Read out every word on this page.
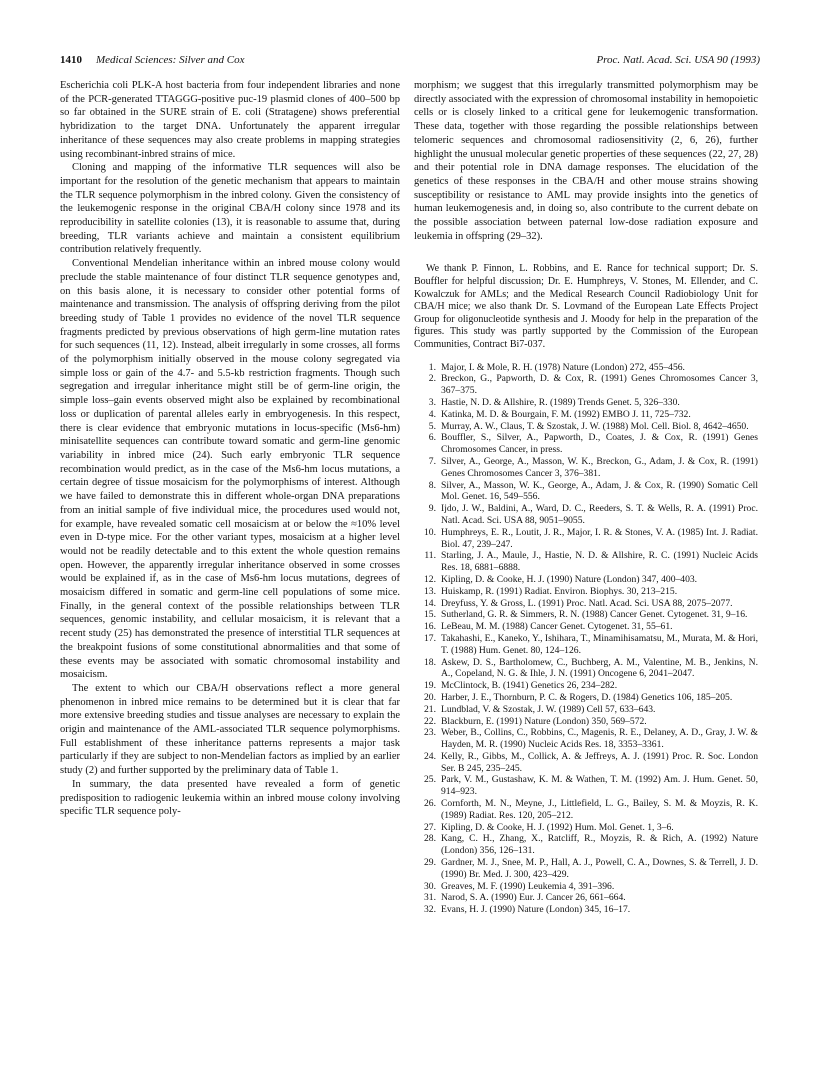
1410 Medical Sciences: Silver and Cox	Proc. Natl. Acad. Sci. USA 90 (1993)

Escherichia coli PLK-A host bacteria from four independent libraries and none of the PCR-generated TTAGGG-positive puc-19 plasmid clones of 400–500 bp so far obtained in the SURE strain of E. coli (Stratagene) shows preferential hybridization to the target DNA. Unfortunately the apparent irregular inheritance of these sequences may also create problems in mapping strategies using recombinant-inbred strains of mice.

Cloning and mapping of the informative TLR sequences will also be important for the resolution of the genetic mechanism that appears to maintain the TLR sequence polymorphism in the inbred colony. Given the consistency of the leukemogenic response in the original CBA/H colony since 1978 and its reproducibility in satellite colonies (13), it is reasonable to assume that, during breeding, TLR variants achieve and maintain a consistent equilibrium contribution relatively frequently.

Conventional Mendelian inheritance within an inbred mouse colony would preclude the stable maintenance of four distinct TLR sequence genotypes and, on this basis alone, it is necessary to consider other potential forms of maintenance and transmission. The analysis of offspring deriving from the pilot breeding study of Table 1 provides no evidence of the novel TLR sequence fragments predicted by previous observations of high germ-line mutation rates for such sequences (11, 12). Instead, albeit irregularly in some crosses, all forms of the polymorphism initially observed in the mouse colony segregated via simple loss or gain of the 4.7- and 5.5-kb restriction fragments. Though such segregation and irregular inheritance might still be of germ-line origin, the simple loss–gain events observed might also be explained by recombinational loss or duplication of parental alleles early in embryogenesis. In this respect, there is clear evidence that embryonic mutations in locus-specific (Ms6-hm) minisatellite sequences can contribute toward somatic and germ-line genomic variability in inbred mice (24). Such early embryonic TLR sequence recombination would predict, as in the case of the Ms6-hm locus mutations, a certain degree of tissue mosaicism for the polymorphisms of interest. Although we have failed to demonstrate this in different whole-organ DNA preparations from an initial sample of five individual mice, the procedures used would not, for example, have revealed somatic cell mosaicism at or below the ≈10% level even in D-type mice. For the other variant types, mosaicism at a higher level would not be readily detectable and to this extent the whole question remains open. However, the apparently irregular inheritance observed in some crosses would be explained if, as in the case of Ms6-hm locus mutations, degrees of mosaicism differed in somatic and germ-line cell populations of some mice. Finally, in the general context of the possible relationships between TLR sequences, genomic instability, and cellular mosaicism, it is relevant that a recent study (25) has demonstrated the presence of interstitial TLR sequences at the breakpoint fusions of some constitutional abnormalities and that some of these events may be associated with somatic chromosomal instability and mosaicism.

The extent to which our CBA/H observations reflect a more general phenomenon in inbred mice remains to be determined but it is clear that far more extensive breeding studies and tissue analyses are necessary to explain the origin and maintenance of the AML-associated TLR sequence polymorphisms. Full establishment of these inheritance patterns represents a major task particularly if they are subject to non-Mendelian factors as implied by an earlier study (2) and further supported by the preliminary data of Table 1.

In summary, the data presented have revealed a form of genetic predisposition to radiogenic leukemia within an inbred mouse colony involving specific TLR sequence poly-

morphism; we suggest that this irregularly transmitted polymorphism may be directly associated with the expression of chromosomal instability in hemopoietic cells or is closely linked to a critical gene for leukemogenic transformation. These data, together with those regarding the possible relationships between telomeric sequences and chromosomal radiosensitivity (2, 6, 26), further highlight the unusual molecular genetic properties of these sequences (22, 27, 28) and their potential role in DNA damage responses. The elucidation of the genetics of these responses in the CBA/H and other mouse strains showing susceptibility or resistance to AML may provide insights into the genetics of human leukemogenesis and, in doing so, also contribute to the current debate on the possible association between paternal low-dose radiation exposure and leukemia in offspring (29–32).

We thank P. Finnon, L. Robbins, and E. Rance for technical support; Dr. S. Bouffler for helpful discussion; Dr. E. Humphreys, V. Stones, M. Ellender, and C. Kowalczuk for AMLs; and the Medical Research Council Radiobiology Unit for CBA/H mice; we also thank Dr. S. Lovmand of the European Late Effects Project Group for oligonucleotide synthesis and J. Moody for help in the preparation of the figures. This study was partly supported by the Commission of the European Communities, Contract Bi7-037.

1. Major, I. & Mole, R. H. (1978) Nature (London) 272, 455–456.
2. Breckon, G., Papworth, D. & Cox, R. (1991) Genes Chromosomes Cancer 3, 367–375.
3. Hastie, N. D. & Allshire, R. (1989) Trends Genet. 5, 326–330.
4. Katinka, M. D. & Bourgain, F. M. (1992) EMBO J. 11, 725–732.
5. Murray, A. W., Claus, T. & Szostak, J. W. (1988) Mol. Cell. Biol. 8, 4642–4650.
6. Bouffler, S., Silver, A., Papworth, D., Coates, J. & Cox, R. (1991) Genes Chromosomes Cancer, in press.
7. Silver, A., George, A., Masson, W. K., Breckon, G., Adam, J. & Cox, R. (1991) Genes Chromosomes Cancer 3, 376–381.
8. Silver, A., Masson, W. K., George, A., Adam, J. & Cox, R. (1990) Somatic Cell Mol. Genet. 16, 549–556.
9. Ijdo, J. W., Baldini, A., Ward, D. C., Reeders, S. T. & Wells, R. A. (1991) Proc. Natl. Acad. Sci. USA 88, 9051–9055.
10. Humphreys, E. R., Loutit, J. R., Major, I. R. & Stones, V. A. (1985) Int. J. Radiat. Biol. 47, 239–247.
11. Starling, J. A., Maule, J., Hastie, N. D. & Allshire, R. C. (1991) Nucleic Acids Res. 18, 6881–6888.
12. Kipling, D. & Cooke, H. J. (1990) Nature (London) 347, 400–403.
13. Huiskamp, R. (1991) Radiat. Environ. Biophys. 30, 213–215.
14. Dreyfuss, Y. & Gross, L. (1991) Proc. Natl. Acad. Sci. USA 88, 2075–2077.
15. Sutherland, G. R. & Simmers, R. N. (1988) Cancer Genet. Cytogenet. 31, 9–16.
16. LeBeau, M. M. (1988) Cancer Genet. Cytogenet. 31, 55–61.
17. Takahashi, E., Kaneko, Y., Ishihara, T., Minamihisamatsu, M., Murata, M. & Hori, T. (1988) Hum. Genet. 80, 124–126.
18. Askew, D. S., Bartholomew, C., Buchberg, A. M., Valentine, M. B., Jenkins, N. A., Copeland, N. G. & Ihle, J. N. (1991) Oncogene 6, 2041–2047.
19. McClintock, B. (1941) Genetics 26, 234–282.
20. Harber, J. E., Thornburn, P. C. & Rogers, D. (1984) Genetics 106, 185–205.
21. Lundblad, V. & Szostak, J. W. (1989) Cell 57, 633–643.
22. Blackburn, E. (1991) Nature (London) 350, 569–572.
23. Weber, B., Collins, C., Robbins, C., Magenis, R. E., Delaney, A. D., Gray, J. W. & Hayden, M. R. (1990) Nucleic Acids Res. 18, 3353–3361.
24. Kelly, R., Gibbs, M., Collick, A. & Jeffreys, A. J. (1991) Proc. R. Soc. London Ser. B 245, 235–245.
25. Park, V. M., Gustashaw, K. M. & Wathen, T. M. (1992) Am. J. Hum. Genet. 50, 914–923.
26. Cornforth, M. N., Meyne, J., Littlefield, L. G., Bailey, S. M. & Moyzis, R. K. (1989) Radiat. Res. 120, 205–212.
27. Kipling, D. & Cooke, H. J. (1992) Hum. Mol. Genet. 1, 3–6.
28. Kang, C. H., Zhang, X., Ratcliff, R., Moyzis, R. & Rich, A. (1992) Nature (London) 356, 126–131.
29. Gardner, M. J., Snee, M. P., Hall, A. J., Powell, C. A., Downes, S. & Terrell, J. D. (1990) Br. Med. J. 300, 423–429.
30. Greaves, M. F. (1990) Leukemia 4, 391–396.
31. Narod, S. A. (1990) Eur. J. Cancer 26, 661–664.
32. Evans, H. J. (1990) Nature (London) 345, 16–17.
